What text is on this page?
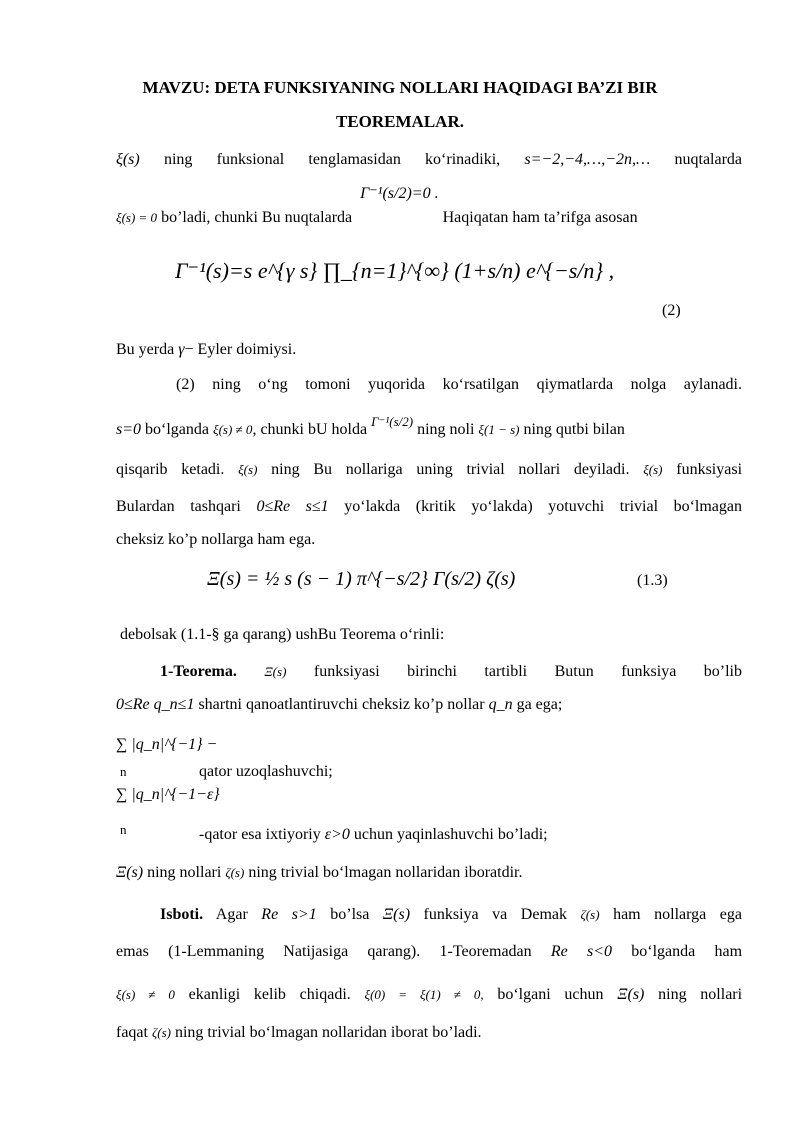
MAVZU: DETA FUNKSIYANING NOLLARI HAQIDAGI BA’ZI BIR
TEOREMALAR.
ξ(s) ning funksional tenglamasidan ko‘rinadiki, s=−2,−4,…,−2n,… nuqtalarda
ξ(s) = 0 bo’ladi, chunki Bu nuqtalarda Γ⁻¹(s/2)=0 . Haqiqatan ham ta’rifga asosan
Γ⁻¹(s)=s e^{γ s} ∏_{n=1}^{∞} (1+s/n) e^{−s/n} ,
(2)
Bu yerda γ− Eyler doimiysi.
(2) ning o‘ng tomoni yuqorida ko‘rsatilgan qiymatlarda nolga aylanadi.
s=0 bo‘lganda ξ(s) ≠ 0, chunki bU holda $^{\Gamma^{-1}(s/2)}$ ning noli ξ(1 − s) ning qutbi bilan
qisqarib ketadi. ξ(s) ning Bu nollariga uning trivial nollari deyiladi. ξ(s) funksiyasi
Bulardan tashqari 0≤Re s≤1 yo‘lakda (kritik yo‘lakda) yotuvchi trivial bo‘lmagan
cheksiz ko’p nollarga ham ega.
Ξ(s) = ½ s (s − 1) π^{−s/2} Γ(s/2) ζ(s)	(1.3)
debolsak (1.1-§ ga qarang) ushBu Teorema o‘rinli:
1-Teorema. Ξ(s) funksiyasi birinchi tartibli Butun funksiya bo’lib
0≤Re q_n≤1 shartni qanoatlantiruvchi cheksiz ko’p nollar q_n ga ega;
∑ |q_n|^{−1} −
n	qator uzoqlashuvchi;
∑ |q_n|^{−1−ε}
n	-qator esa ixtiyoriy ε>0 uchun yaqinlashuvchi bo’ladi;
Ξ(s) ning nollari ζ(s) ning trivial bo‘lmagan nollaridan iboratdir.
Isboti. Agar Re s>1 bo’lsa Ξ(s) funksiya va Demak ζ(s) ham nollarga ega
emas (1-Lemmaning Natijasiga qarang). 1-Teoremadan Re s<0 bo‘lganda ham
ξ(s) ≠ 0 ekanligi kelib chiqadi. ξ(0) = ξ(1) ≠ 0, bo‘lgani uchun Ξ(s) ning nollari
faqat ζ(s) ning trivial bo‘lmagan nollaridan iborat bo’ladi.
